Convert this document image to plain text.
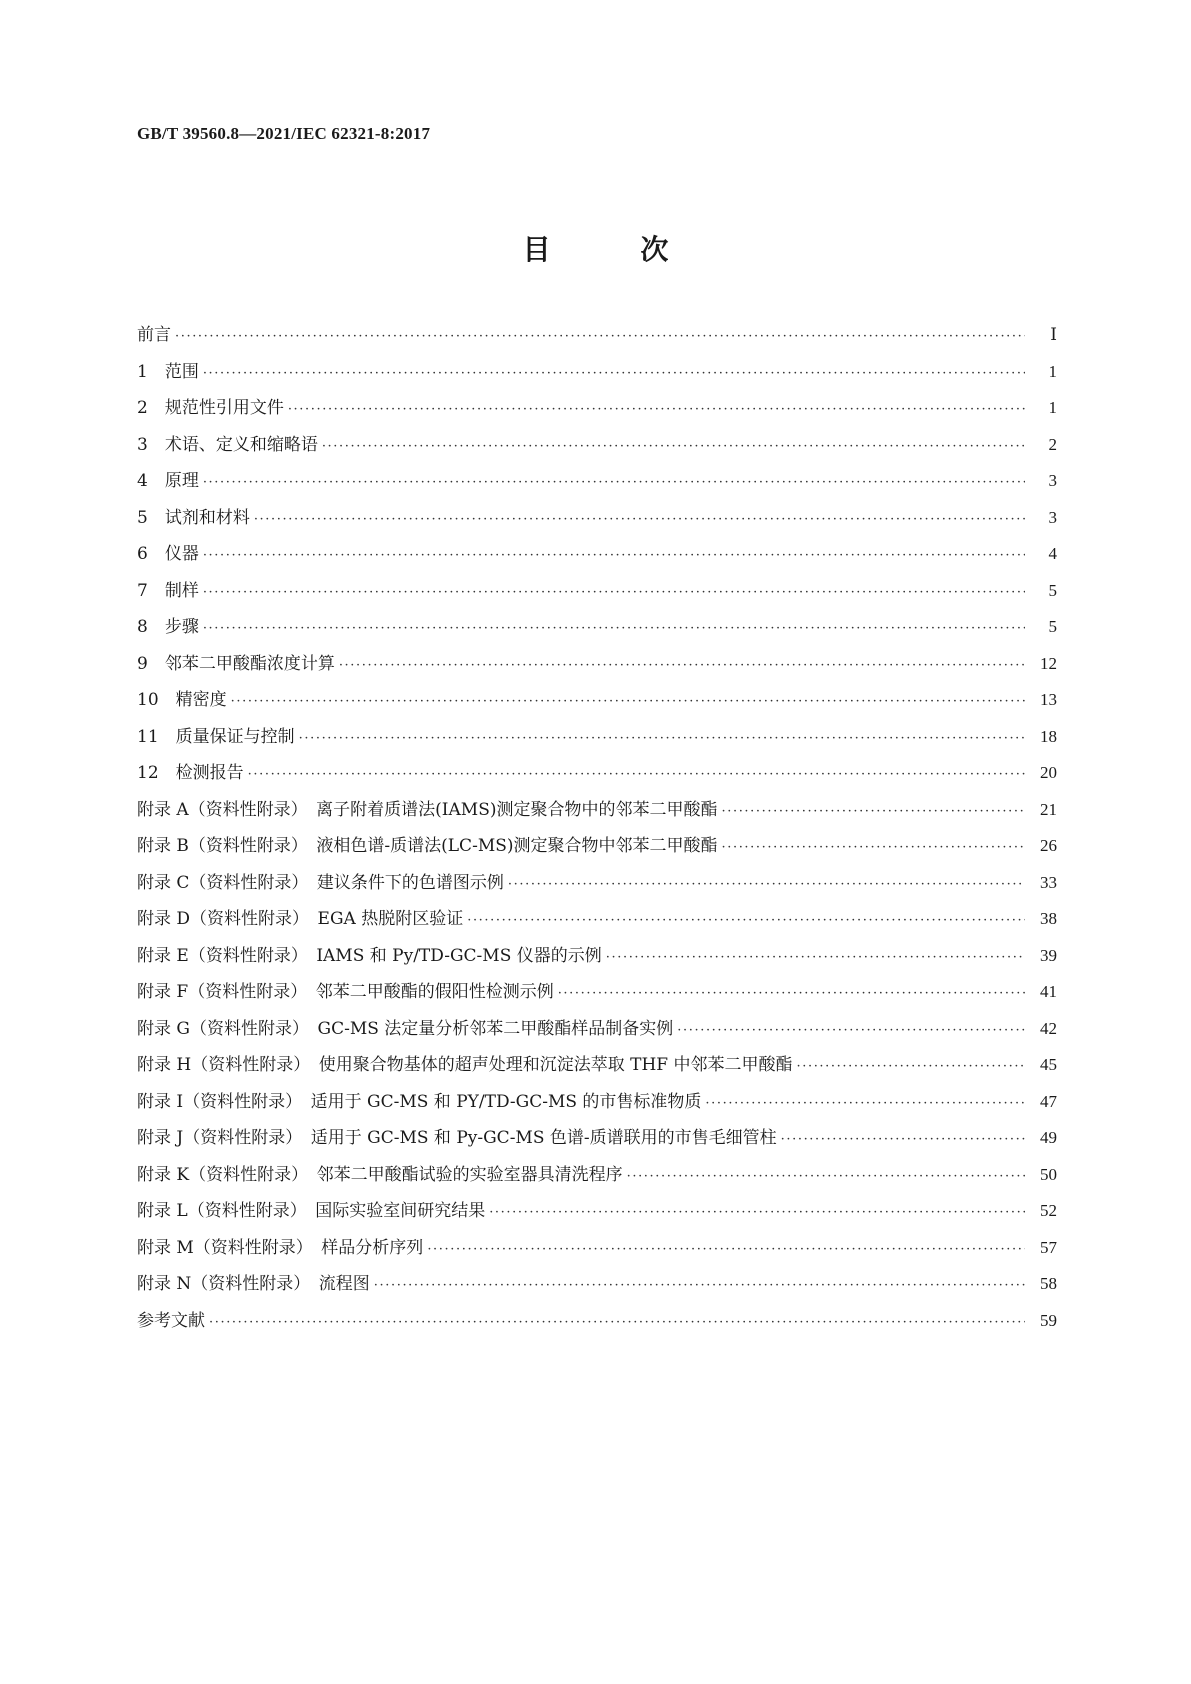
GB/T 39560.8—2021/IEC 62321-8:2017
目 次
前言 ·····	Ⅰ
1　范围 ·····	1
2　规范性引用文件 ·····	1
3　术语、定义和缩略语 ·····	2
4　原理 ·····	3
5　试剂和材料 ·····	3
6　仪器 ·····	4
7　制样 ·····	5
8　步骤 ·····	5
9　邻苯二甲酸酯浓度计算 ·····	12
10　精密度 ·····	13
11　质量保证与控制 ·····	18
12　检测报告 ·····	20
附录 A（资料性附录）　离子附着质谱法(IAMS)测定聚合物中的邻苯二甲酸酯 ·····	21
附录 B（资料性附录）　液相色谱-质谱法(LC-MS)测定聚合物中邻苯二甲酸酯 ·····	26
附录 C（资料性附录）　建议条件下的色谱图示例 ·····	33
附录 D（资料性附录）　EGA 热脱附区验证 ·····	38
附录 E（资料性附录）　IAMS 和 Py/TD-GC-MS 仪器的示例 ·····	39
附录 F（资料性附录）　邻苯二甲酸酯的假阳性检测示例 ·····	41
附录 G（资料性附录）　GC-MS 法定量分析邻苯二甲酸酯样品制备实例 ·····	42
附录 H（资料性附录）　使用聚合物基体的超声处理和沉淀法萃取 THF 中邻苯二甲酸酯 ·····	45
附录 I（资料性附录）　适用于 GC-MS 和 PY/TD-GC-MS 的市售标准物质 ·····	47
附录 J（资料性附录）　适用于 GC-MS 和 Py-GC-MS 色谱-质谱联用的市售毛细管柱 ·····	49
附录 K（资料性附录）　邻苯二甲酸酯试验的实验室器具清洗程序 ·····	50
附录 L（资料性附录）　国际实验室间研究结果 ·····	52
附录 M（资料性附录）　样品分析序列 ·····	57
附录 N（资料性附录）　流程图 ·····	58
参考文献 ·····	59
